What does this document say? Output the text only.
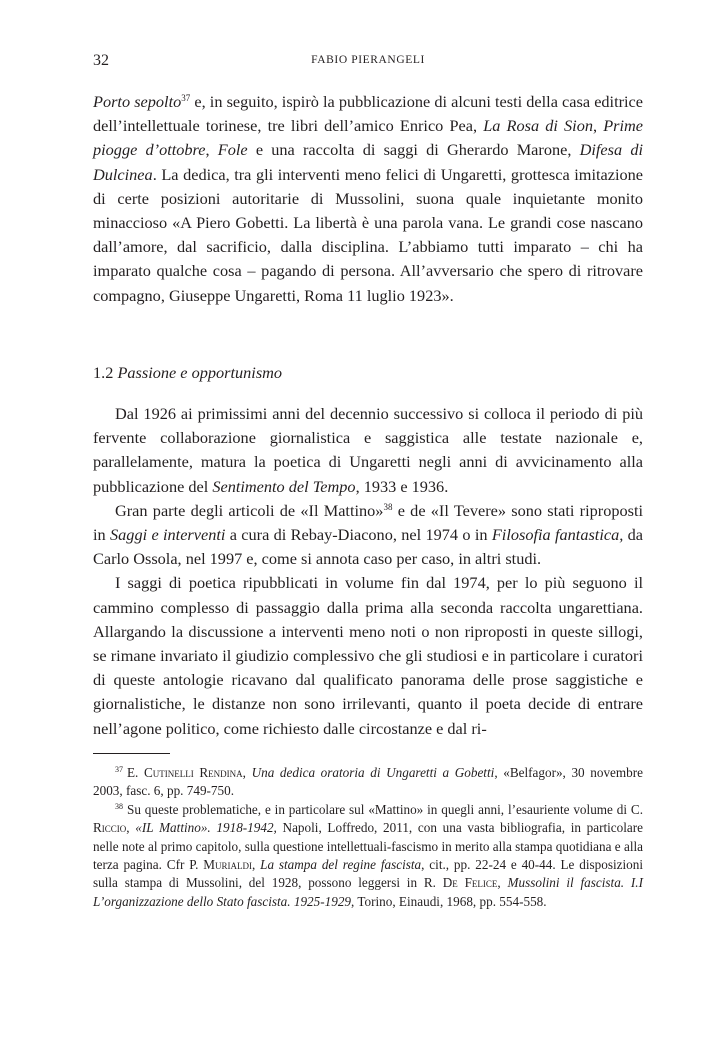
32	FABIO PIERANGELI

Porto sepolto$^{37}$ e, in seguito, ispirò la pubblicazione di alcuni testi della casa editrice dell’intellettuale torinese, tre libri dell’amico Enrico Pea, La Rosa di Sion, Prime piogge d’ottobre, Fole e una raccolta di saggi di Gherardo Marone, Difesa di Dulcinea. La dedica, tra gli interventi meno felici di Ungaretti, grottesca imitazione di certe posizioni autoritarie di Mussolini, suona quale inquietante monito minaccioso «A Piero Gobetti. La libertà è una parola vana. Le grandi cose nascano dall’amore, dal sacrificio, dalla disciplina. L’abbiamo tutti imparato – chi ha imparato qualche cosa – pagando di persona. All’avversario che spero di ritrovare compagno, Giuseppe Ungaretti, Roma 11 luglio 1923».

1.2 Passione e opportunismo

Dal 1926 ai primissimi anni del decennio successivo si colloca il periodo di più fervente collaborazione giornalistica e saggistica alle testate nazionale e, parallelamente, matura la poetica di Ungaretti negli anni di avvicinamento alla pubblicazione del Sentimento del Tempo, 1933 e 1936.

Gran parte degli articoli de «Il Mattino»$^{38}$ e de «Il Tevere» sono stati riproposti in Saggi e interventi a cura di Rebay-Diacono, nel 1974 o in Filosofia fantastica, da Carlo Ossola, nel 1997 e, come si annota caso per caso, in altri studi.

I saggi di poetica ripubblicati in volume fin dal 1974, per lo più seguono il cammino complesso di passaggio dalla prima alla seconda raccolta ungarettiana. Allargando la discussione a interventi meno noti o non riproposti in queste sillogi, se rimane invariato il giudizio complessivo che gli studiosi e in particolare i curatori di queste antologie ricavano dal qualificato panorama delle prose saggistiche e giornalistiche, le distanze non sono irrilevanti, quanto il poeta decide di entrare nell’agone politico, come richiesto dalle circostanze e dal ri-

$^{37}$ E. Cutinelli Rendina, Una dedica oratoria di Ungaretti a Gobetti, «Belfagor», 30 novembre 2003, fasc. 6, pp. 749-750.

$^{38}$ Su queste problematiche, e in particolare sul «Mattino» in quegli anni, l’esauriente volume di C. Riccio, «IL Mattino». 1918-1942, Napoli, Loffredo, 2011, con una vasta bibliografia, in particolare nelle note al primo capitolo, sulla questione intellettuali-fascismo in merito alla stampa quotidiana e alla terza pagina. Cfr P. Murialdi, La stampa del regine fascista, cit., pp. 22-24 e 40-44. Le disposizioni sulla stampa di Mussolini, del 1928, possono leggersi in R. De Felice, Mussolini il fascista. I.I L’organizzazione dello Stato fascista. 1925-1929, Torino, Einaudi, 1968, pp. 554-558.
